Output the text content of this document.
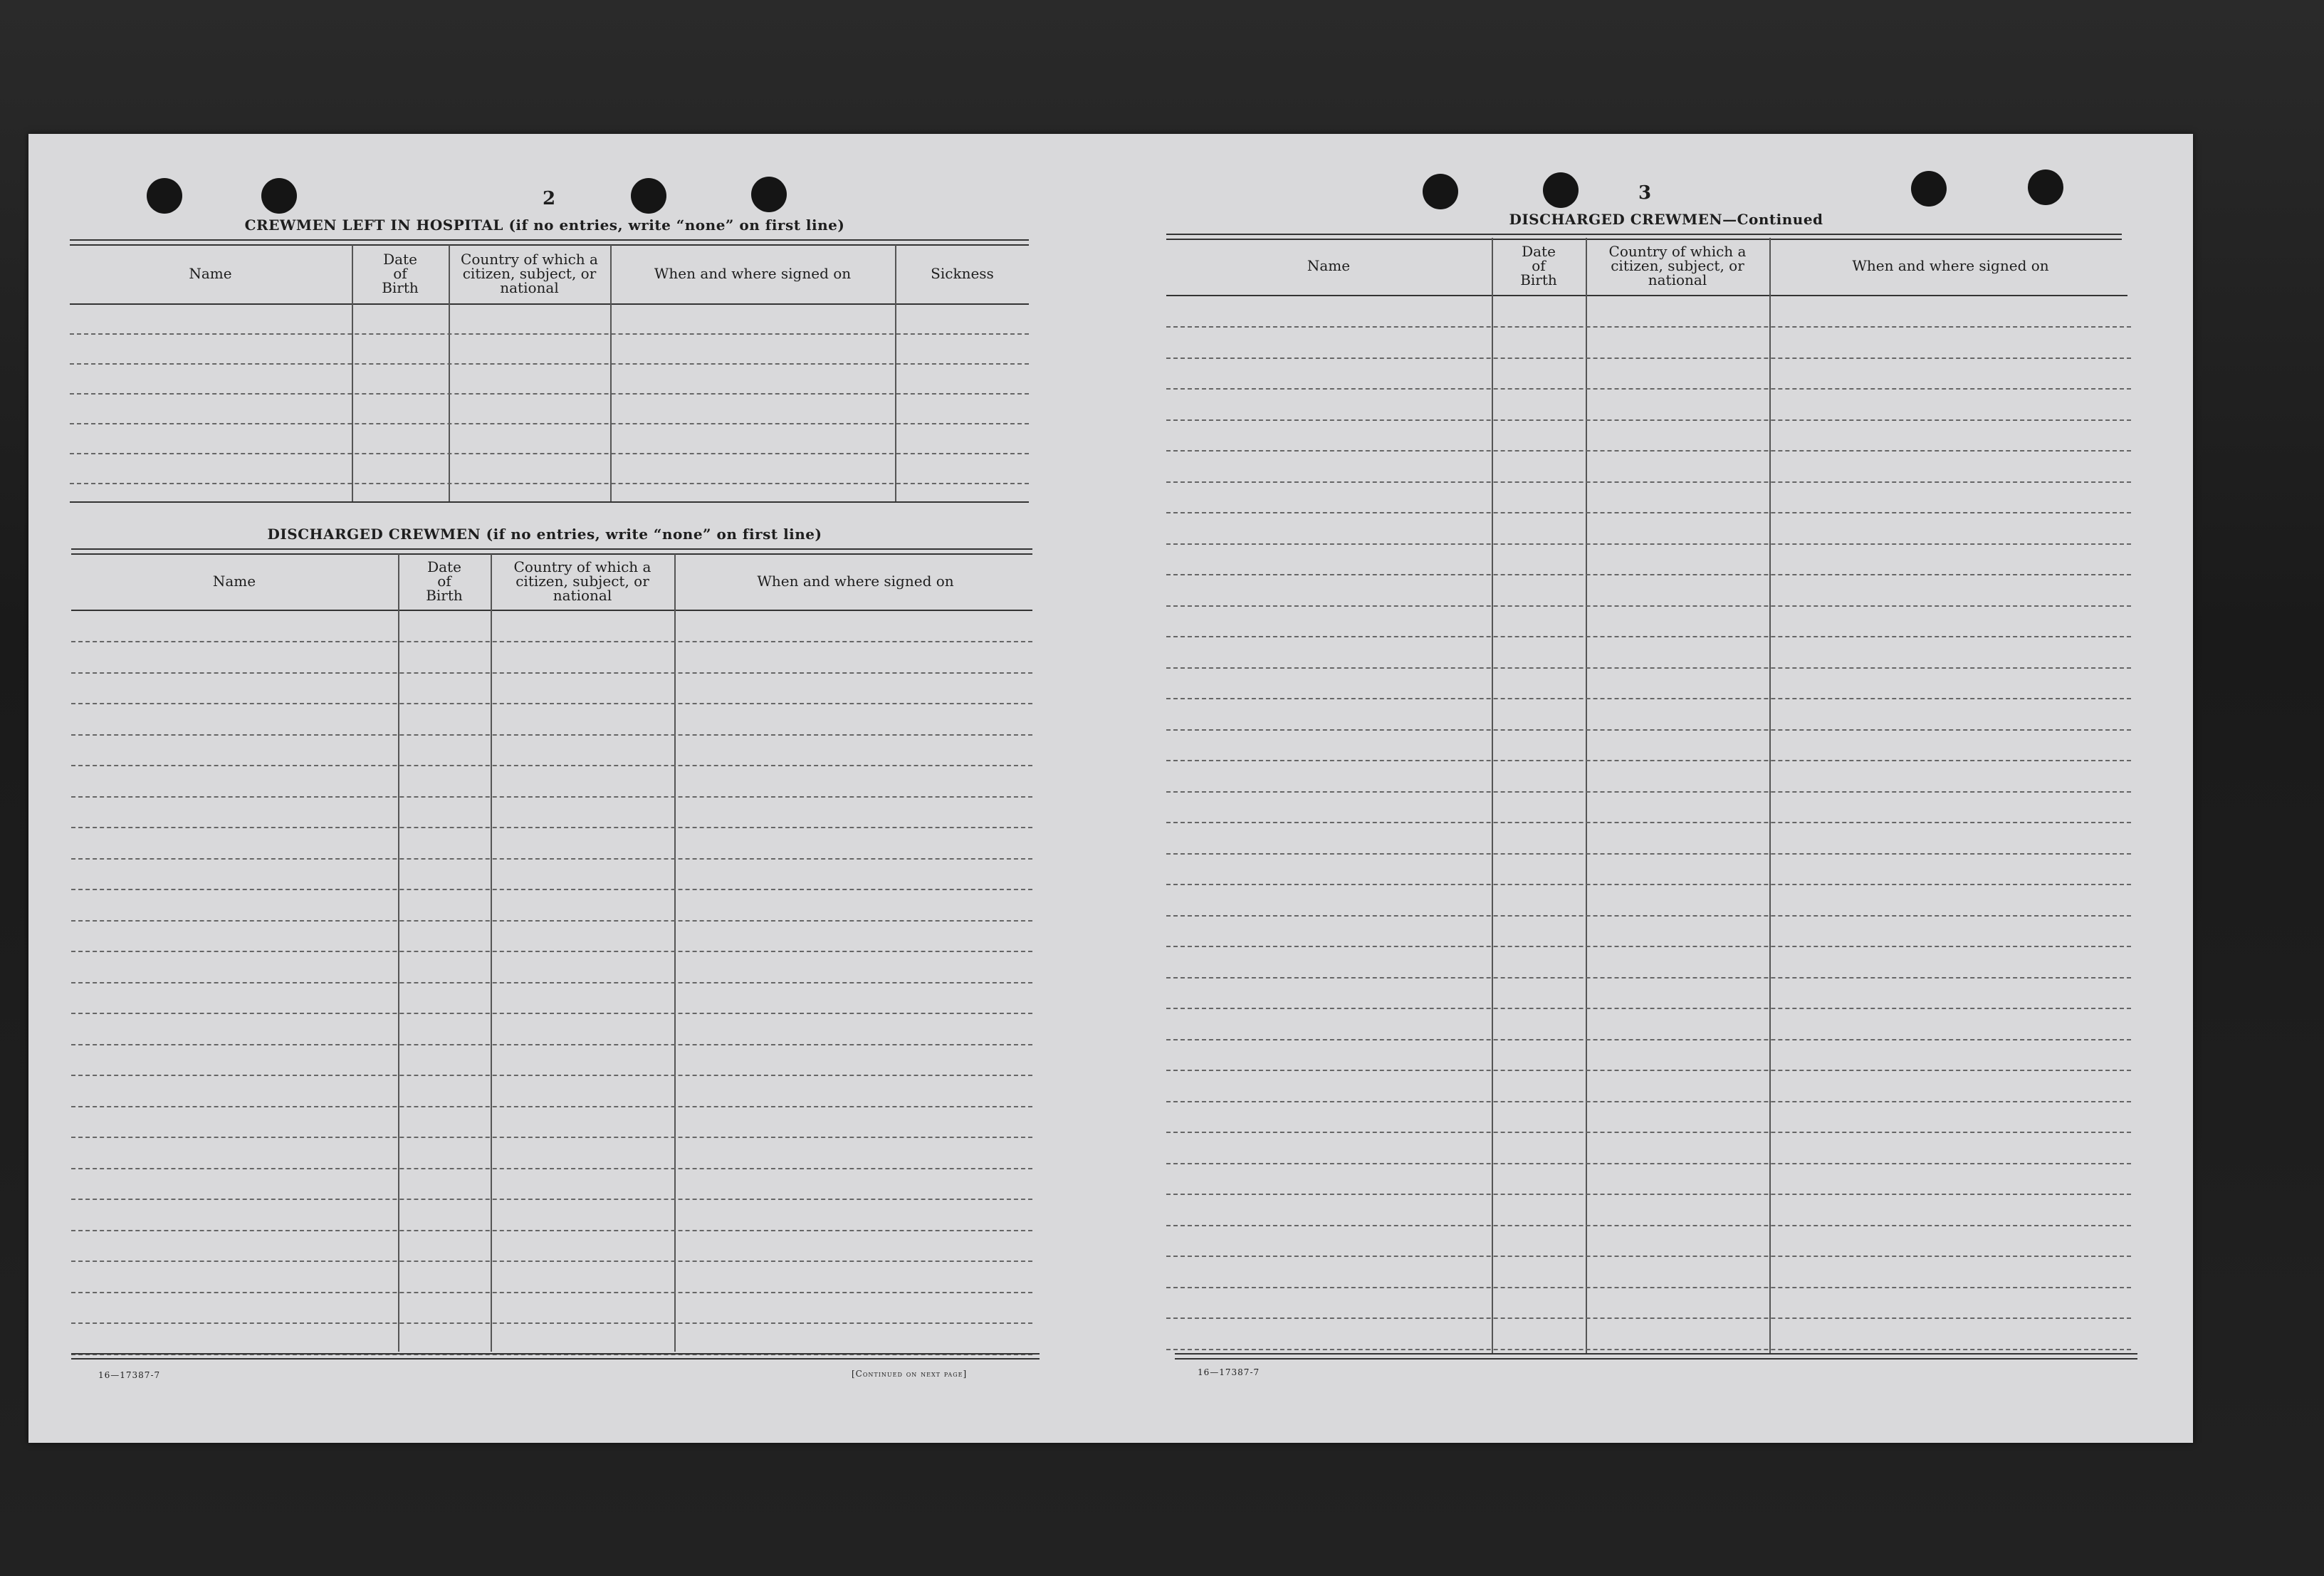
2
CREWMEN LEFT IN HOSPITAL (if no entries, write “none” on first line)
Name
Date
of
Birth
Country of which a
citizen, subject, or
national
When and where signed on	Sickness
DISCHARGED CREWMEN (if no entries, write “none” on first line)
Name
Date
of
Birth
Country of which a
citizen, subject, or
national
When and where signed on
16—17387-7	[Continued on next page]
3
DISCHARGED CREWMEN—Continued
Name
Date
of
Birth
Country of which a
citizen, subject, or
national
When and where signed on
16—17387-7
